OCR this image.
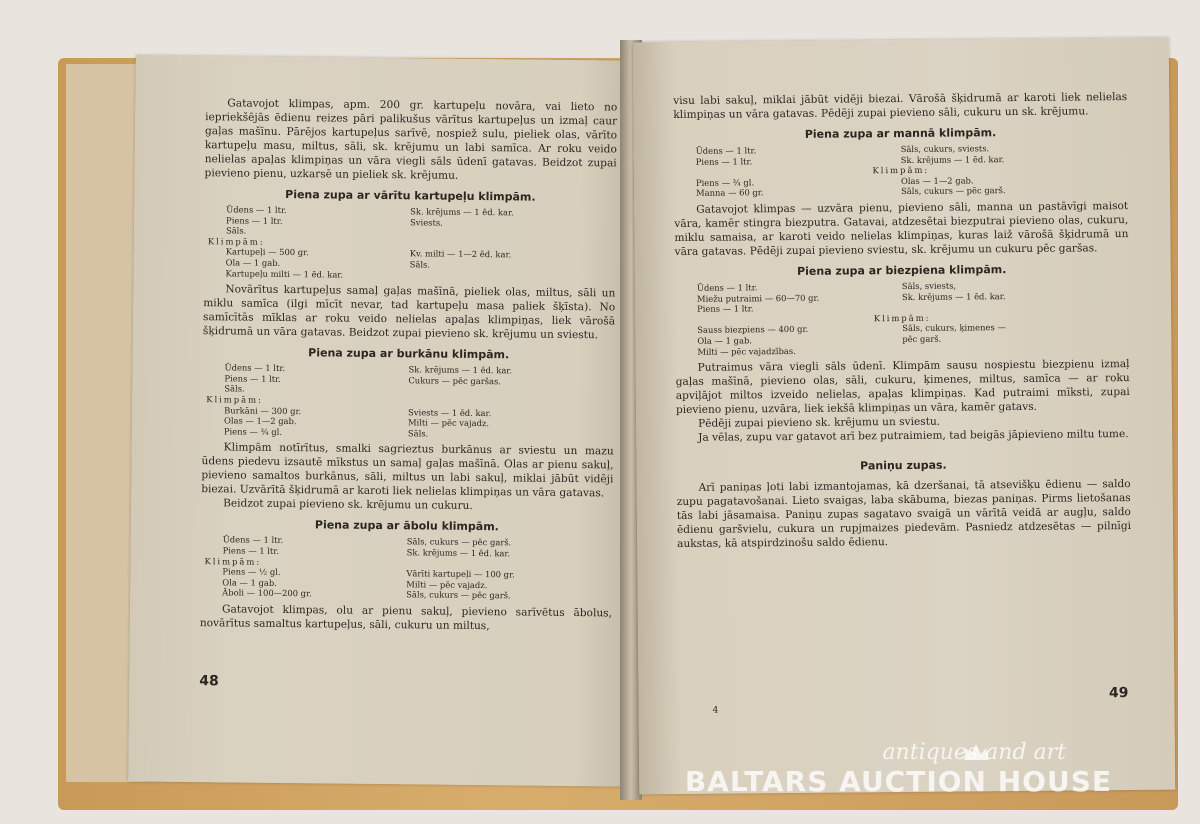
Gatavojot klimpas, apm. 200 gr. kartupeļu novāra, vai lieto no iepriekšējās ēdienu reizes pāri palikušus vārītus kartupeļus un izmaļ caur gaļas mašīnu. Pārējos kartupeļus sarīvē, nospiež sulu, pieliek olas, vārīto kartupeļu masu, miltus, sāli, sk. krējumu un labi samīca. Ar roku veido nelielas apaļas klimpiņas un vāra viegli sāls ūdenī gatavas. Beidzot zupai pievieno pienu, uzkarsē un pieliek sk. krējumu.

Piena zupa ar vārītu kartupeļu klimpām.
Ūdens — 1 ltr.	Sk. krējums — 1 ēd. kar.
Piens — 1 ltr.	Sviests.
Sāls.
Klimpām:
Kartupeļi — 500 gr.	Kv. milti — 1—2 ēd. kar.
Ola — 1 gab.	Sāls.
Kartupeļu milti — 1 ēd. kar.

Novārītus kartupeļus samaļ gaļas mašīnā, pieliek olas, miltus, sāli un miklu samīca (ilgi mīcīt nevar, tad kartupeļu masa paliek šķīsta). No samīcītās mīklas ar roku veido nelielas apaļas klimpiņas, liek vārošā šķidrumā un vāra gatavas. Beidzot zupai pievieno sk. krējumu un sviestu.

Piena zupa ar burkānu klimpām.
Ūdens — 1 ltr.	Sk. krējums — 1 ēd. kar.
Piens — 1 ltr.	Cukurs — pēc garšas.
Sāls.
Klimpām:
Burkāni — 300 gr.	Sviests — 1 ēd. kar.
Olas — 1—2 gab.	Milti — pēc vajadz.
Piens — ¾ gl.	Sāls.

Klimpām notīrītus, smalki sagrieztus burkānus ar sviestu un mazu ūdens piedevu izsautē mīkstus un samaļ gaļas mašīnā. Olas ar pienu sakuļ, pievieno samaltos burkānus, sāli, miltus un labi sakuļ, miklai jābūt vidēji biezai. Uzvārītā šķidrumā ar karoti liek nelielas klimpiņas un vāra gatavas.

Beidzot zupai pievieno sk. krējumu un cukuru.

Piena zupa ar ābolu klimpām.
Ūdens — 1 ltr.	Sāls, cukurs — pēc garš.
Piens — 1 ltr.	Sk. krējums — 1 ēd. kar.
Klimpām:
Piens — ½ gl.	Vārīti kartupeļi — 100 gr.
Ola — 1 gab.	Milti — pēc vajadz.
Āboli — 100—200 gr.	Sāls, cukurs — pēc garš.

Gatavojot klimpas, olu ar pienu sakuļ, pievieno sarīvētus ābolus, novārītus samaltus kartupeļus, sāli, cukuru un miltus,

48

visu labi sakuļ, miklai jābūt vidēji biezai. Vārošā šķidrumā ar karoti liek nelielas klimpiņas un vāra gatavas. Pēdēji zupai pievieno sāli, cukuru un sk. krējumu.

Piena zupa ar mannā klimpām.
Ūdens — 1 ltr.	Sāls, cukurs, sviests.
Piens — 1 ltr.	Sk. krējums — 1 ēd. kar.
Klimpām:
Piens — ¾ gl.	Olas — 1—2 gab.
Manna — 60 gr.	Sāls, cukurs — pēc garš.

Gatavojot klimpas — uzvāra pienu, pievieno sāli, manna un pastāvīgi maisot vāra, kamēr stingra biezputra. Gatavai, atdzesētai biezputrai pievieno olas, cukuru, miklu samaisa, ar karoti veido nelielas klimpiņas, kuras laiž vārošā šķidrumā un vāra gatavas. Pēdēji zupai pievieno sviestu, sk. krējumu un cukuru pēc garšas.

Piena zupa ar biezpiena klimpām.
Ūdens — 1 ltr.	Sāls, sviests,
Miežu putraimi — 60—70 gr.	Sk. krējums — 1 ēd. kar.
Piens — 1 ltr.
Klimpām:
Sauss biezpiens — 400 gr.	Sāls, cukurs, ķimenes —
Ola — 1 gab.	pēc garš.
Milti — pēc vajadzības.

Putraimus vāra viegli sāls ūdenī. Klimpām sausu nospiestu biezpienu izmaļ gaļas mašīnā, pievieno olas, sāli, cukuru, ķimenes, miltus, samīca — ar roku apviļājot miltos izveido nelielas, apaļas klimpiņas. Kad putraimi mīksti, zupai pievieno pienu, uzvāra, liek iekšā klimpiņas un vāra, kamēr gatavs.

Pēdēji zupai pievieno sk. krējumu un sviestu.

Ja vēlas, zupu var gatavot arī bez putraimiem, tad beigās jāpievieno miltu tume.

Paniņu zupas.

Arī paniņas ļoti labi izmantojamas, kā dzeršanai, tā atsevišķu ēdienu — saldo zupu pagatavošanai. Lieto svaigas, laba skābuma, biezas paniņas. Pirms lietošanas tās labi jāsamaisa. Paniņu zupas sagatavo svaigā un vārītā veidā ar augļu, saldo ēdienu garšvielu, cukura un rupjmaizes piedevām. Pasniedz atdzesētas — pilnīgi aukstas, kā atspirdzinošu saldo ēdienu.

4
49
antiques and art
BALTARS AUCTION HOUSE
